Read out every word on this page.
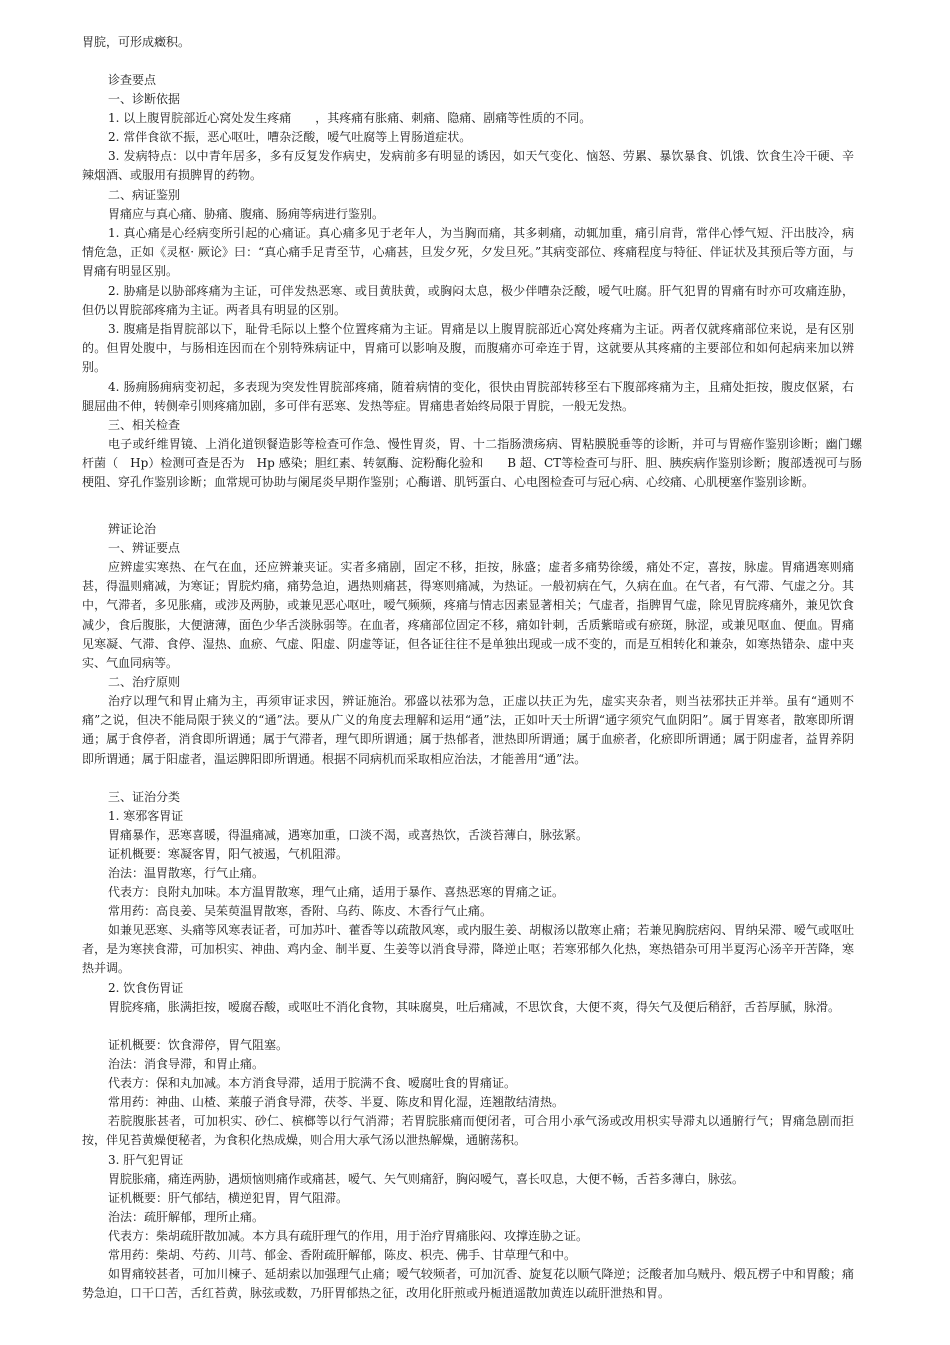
胃脘，可形成癥积。

诊查要点

一、诊断依据

1. 以上腹胃脘部近心窝处发生疼痛　　，其疼痛有胀痛、刺痛、隐痛、剧痛等性质的不同。

2. 常伴食欲不振，恶心呕吐，嘈杂泛酸，嗳气吐腐等上胃肠道症状。

3. 发病特点：以中青年居多，多有反复发作病史，发病前多有明显的诱因，如天气变化、恼怒、劳累、暴饮暴食、饥饿、饮食生冷干硬、辛辣烟酒、或服用有损脾胃的药物。

二、病证鉴别

胃痛应与真心痛、胁痛、腹痛、肠痈等病进行鉴别。

1. 真心痛是心经病变所引起的心痛证。真心痛多见于老年人，为当胸而痛，其多刺痛，动辄加重，痛引肩背，常伴心悸气短、汗出肢冷，病情危急，正如《灵枢· 厥论》曰：“真心痛手足青至节，心痛甚，旦发夕死，夕发旦死。”其病变部位、疼痛程度与特征、伴证状及其预后等方面，与胃痛有明显区别。

2. 胁痛是以胁部疼痛为主证，可伴发热恶寒、或目黄肤黄，或胸闷太息，极少伴嘈杂泛酸，嗳气吐腐。肝气犯胃的胃痛有时亦可攻痛连胁，但仍以胃脘部疼痛为主证。两者具有明显的区别。

3. 腹痛是指胃脘部以下，耻骨毛际以上整个位置疼痛为主证。胃痛是以上腹胃脘部近心窝处疼痛为主证。两者仅就疼痛部位来说，是有区别的。但胃处腹中，与肠相连因而在个别特殊病证中，胃痛可以影响及腹，而腹痛亦可牵连于胃，这就要从其疼痛的主要部位和如何起病来加以辨别。

4. 肠痈肠痈病变初起，多表现为突发性胃脘部疼痛，随着病情的变化，很快由胃脘部转移至右下腹部疼痛为主，且痛处拒按，腹皮伛紧，右腿屈曲不伸，转侧牵引则疼痛加剧，多可伴有恶寒、发热等症。胃痛患者始终局限于胃脘，一般无发热。

三、相关检查

电子或纤维胃镜、上消化道钡餐造影等检查可作急、慢性胃炎，胃、十二指肠溃疡病、胃粘膜脱垂等的诊断，并可与胃癌作鉴别诊断；幽门螺杆菌（　Hp）检测可查是否为　Hp 感染；胆红素、转氨酶、淀粉酶化验和　　B 超、CT等检查可与肝、胆、胰疾病作鉴别诊断；腹部透视可与肠梗阻、穿孔作鉴别诊断；血常规可协助与阑尾炎早期作鉴别；心酶谱、肌钙蛋白、心电图检查可与冠心病、心绞痛、心肌梗塞作鉴别诊断。

辨证论治

一、辨证要点

应辨虚实寒热、在气在血，还应辨兼夹证。实者多痛剧，固定不移，拒按，脉盛；虚者多痛势徐缓，痛处不定，喜按，脉虚。胃痛遇寒则痛甚，得温则痛减，为寒证；胃脘灼痛，痛势急迫，遇热则痛甚，得寒则痛减，为热证。一般初病在气，久病在血。在气者，有气滞、气虚之分。其中，气滞者，多见胀痛，或涉及两胁，或兼见恶心呕吐，嗳气频频，疼痛与情志因素显著相关；气虚者，指脾胃气虚，除见胃脘疼痛外，兼见饮食减少，食后腹胀，大便溏薄，面色少华舌淡脉弱等。在血者，疼痛部位固定不移，痛如针刺，舌质紫暗或有瘀斑，脉涩，或兼见呕血、便血。胃痛见寒凝、气滞、食停、湿热、血瘀、气虚、阳虚、阴虚等证，但各证往往不是单独出现或一成不变的，而是互相转化和兼杂，如寒热错杂、虚中夹实、气血同病等。

二、治疗原则

治疗以理气和胃止痛为主，再须审证求因，辨证施治。邪盛以祛邪为急，正虚以扶正为先，虚实夹杂者，则当祛邪扶正并举。虽有“通则不痛”之说，但决不能局限于狭义的“通”法。要从广义的角度去理解和运用“通”法，正如叶天士所谓“通字须究气血阴阳”。属于胃寒者，散寒即所谓通；属于食停者，消食即所谓通；属于气滞者，理气即所谓通；属于热郁者，泄热即所谓通；属于血瘀者，化瘀即所谓通；属于阴虚者，益胃养阴即所谓通；属于阳虚者，温运脾阳即所谓通。根据不同病机而采取相应治法，才能善用“通”法。

三、证治分类

1. 寒邪客胃证

胃痛暴作，恶寒喜暖，得温痛减，遇寒加重，口淡不渴，或喜热饮，舌淡苔薄白，脉弦紧。

证机概要：寒凝客胃，阳气被遏，气机阻滞。

治法：温胃散寒，行气止痛。

代表方：良附丸加味。本方温胃散寒，理气止痛，适用于暴作、喜热恶寒的胃痛之证。

常用药：高良姜、吴茱萸温胃散寒，香附、乌药、陈皮、木香行气止痛。

如兼见恶寒、头痛等风寒表证者，可加苏叶、藿香等以疏散风寒，或内服生姜、胡椒汤以散寒止痛；若兼见胸脘痞闷、胃纳呆滞、嗳气或呕吐者，是为寒挟食滞，可加枳实、神曲、鸡内金、制半夏、生姜等以消食导滞，降逆止呕；若寒邪郁久化热，寒热错杂可用半夏泻心汤辛开苦降，寒热并调。

2. 饮食伤胃证

胃脘疼痛，胀满拒按，嗳腐吞酸，或呕吐不消化食物，其味腐臭，吐后痛减，不思饮食，大便不爽，得矢气及便后稍舒，舌苔厚腻，脉滑。

证机概要：饮食滞停，胃气阻塞。

治法：消食导滞，和胃止痛。

代表方：保和丸加减。本方消食导滞，适用于脘满不食、嗳腐吐食的胃痛证。

常用药：神曲、山楂、莱菔子消食导滞，茯苓、半夏、陈皮和胃化湿，连翘散结清热。

若脘腹胀甚者，可加枳实、砂仁、槟榔等以行气消滞；若胃脘胀痛而便闭者，可合用小承气汤或改用枳实导滞丸以通腑行气；胃痛急剧而拒按，伴见苔黄燥便秘者，为食积化热成燥，则合用大承气汤以泄热解燥，通腑荡积。

3. 肝气犯胃证

胃脘胀痛，痛连两胁，遇烦恼则痛作或痛甚，嗳气、矢气则痛舒，胸闷嗳气，喜长叹息，大便不畅，舌苔多薄白，脉弦。

证机概要：肝气郁结，横逆犯胃，胃气阻滞。

治法：疏肝解郁，理所止痛。

代表方：柴胡疏肝散加减。本方具有疏肝理气的作用，用于治疗胃痛胀闷、攻撑连胁之证。

常用药：柴胡、芍药、川芎、郁金、香附疏肝解郁，陈皮、枳壳、佛手、甘草理气和中。

如胃痛较甚者，可加川楝子、延胡索以加强理气止痛；嗳气较频者，可加沉香、旋复花以顺气降逆；泛酸者加乌贼丹、煅瓦楞子中和胃酸；痛势急迫，口干口苦，舌红苔黄，脉弦或数，乃肝胃郁热之征，改用化肝煎或丹栀逍遥散加黄连以疏肝泄热和胃。
